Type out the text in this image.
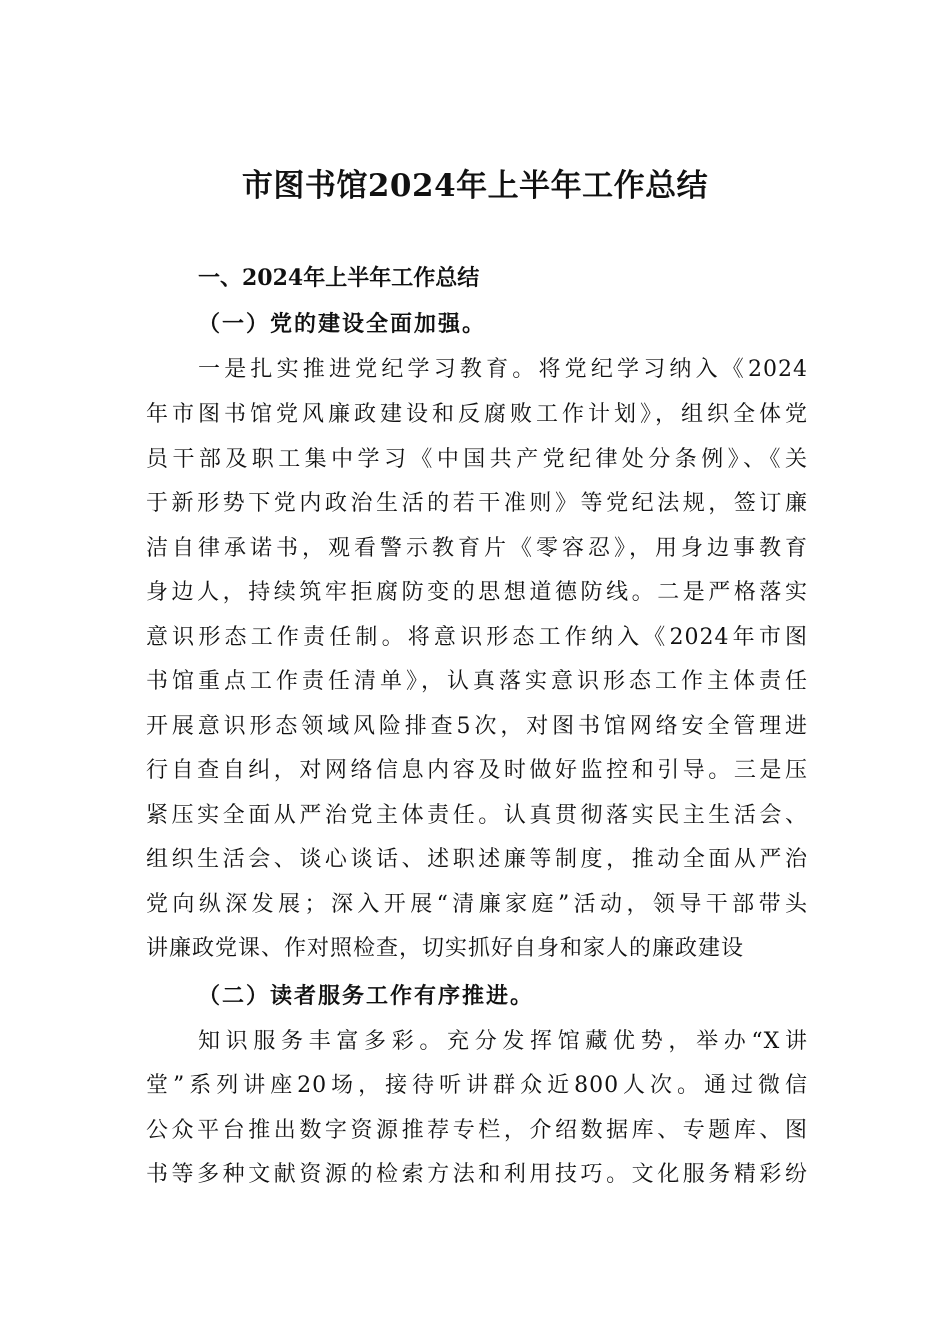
市图书馆2024年上半年工作总结
一、2024年上半年工作总结
（一）党的建设全面加强。

一是扎实推进党纪学习教育。将党纪学习纳入《2024

年市图书馆党风廉政建设和反腐败工作计划》，组织全体党

员干部及职工集中学习《中国共产党纪律处分条例》、《关

于新形势下党内政治生活的若干准则》等党纪法规，签订廉

洁自律承诺书，观看警示教育片《零容忍》，用身边事教育

身边人，持续筑牢拒腐防变的思想道德防线。二是严格落实

意识形态工作责任制。将意识形态工作纳入《2024年市图

书馆重点工作责任清单》，认真落实意识形态工作主体责任

开展意识形态领域风险排查5次，对图书馆网络安全管理进

行自查自纠，对网络信息内容及时做好监控和引导。三是压

紧压实全面从严治党主体责任。认真贯彻落实民主生活会、

组织生活会、谈心谈话、述职述廉等制度，推动全面从严治

党向纵深发展；深入开展“清廉家庭”活动，领导干部带头

讲廉政党课、作对照检查，切实抓好自身和家人的廉政建设

（二）读者服务工作有序推进。

知识服务丰富多彩。充分发挥馆藏优势，举办“X讲

堂”系列讲座20场，接待听讲群众近800人次。通过微信

公众平台推出数字资源推荐专栏，介绍数据库、专题库、图

书等多种文献资源的检索方法和利用技巧。文化服务精彩纷
